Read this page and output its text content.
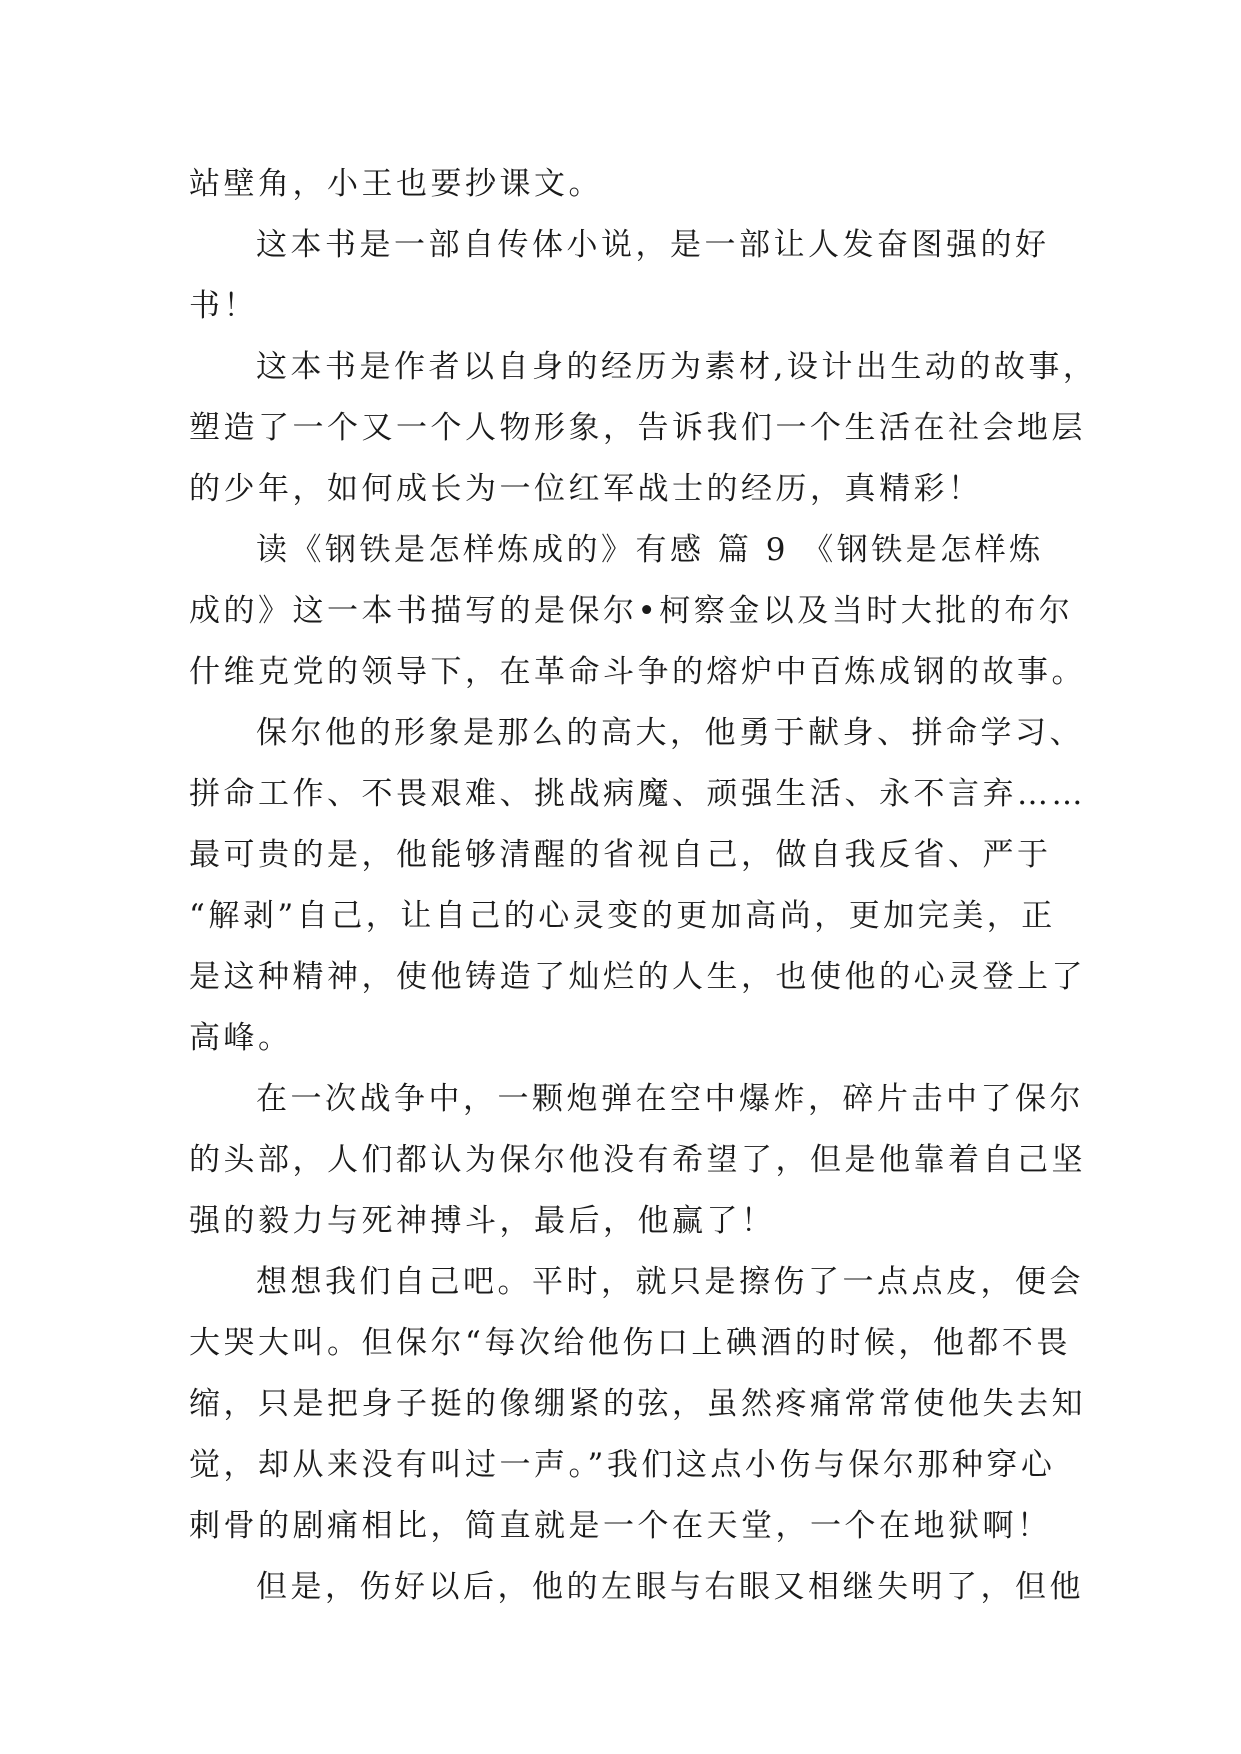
站壁角，小王也要抄课文。
这本书是一部自传体小说，是一部让人发奋图强的好
书！
这本书是作者以自身的经历为素材,设计出生动的故事，
塑造了一个又一个人物形象，告诉我们一个生活在社会地层
的少年，如何成长为一位红军战士的经历，真精彩！
读《钢铁是怎样炼成的》有感 篇 9 《钢铁是怎样炼
成的》这一本书描写的是保尔•柯察金以及当时大批的布尔
什维克党的领导下，在革命斗争的熔炉中百炼成钢的故事。
保尔他的形象是那么的高大，他勇于献身、拼命学习、
拼命工作、不畏艰难、挑战病魔、顽强生活、永不言弃……
最可贵的是，他能够清醒的省视自己，做自我反省、严于
“解剥”自己，让自己的心灵变的更加高尚，更加完美，正
是这种精神，使他铸造了灿烂的人生，也使他的心灵登上了
高峰。
在一次战争中，一颗炮弹在空中爆炸，碎片击中了保尔
的头部，人们都认为保尔他没有希望了，但是他靠着自己坚
强的毅力与死神搏斗，最后，他赢了！
想想我们自己吧。平时，就只是擦伤了一点点皮，便会
大哭大叫。但保尔“每次给他伤口上碘酒的时候，他都不畏
缩，只是把身子挺的像绷紧的弦，虽然疼痛常常使他失去知
觉，却从来没有叫过一声。”我们这点小伤与保尔那种穿心
刺骨的剧痛相比，简直就是一个在天堂，一个在地狱啊！
但是，伤好以后，他的左眼与右眼又相继失明了，但他
